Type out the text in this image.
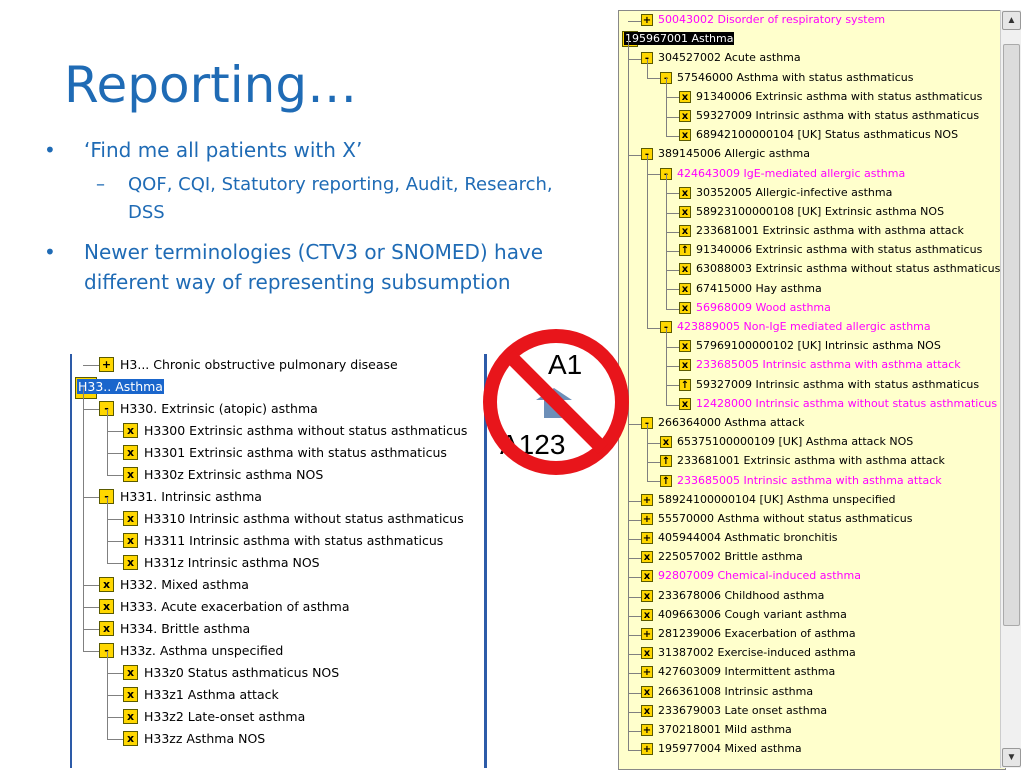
Reporting…
• ‘Find me all patients with X’
– QOF, CQI, Statutory reporting, Audit, Research, DSS
• Newer terminologies (CTV3 or SNOMED) have different way of representing subsumption
+ H3... Chronic obstructive pulmonary disease
H33.. Asthma
- H330. Extrinsic (atopic) asthma
x H3300 Extrinsic asthma without status asthmaticus
x H3301 Extrinsic asthma with status asthmaticus
x H330z Extrinsic asthma NOS
- H331. Intrinsic asthma
x H3310 Intrinsic asthma without status asthmaticus
x H3311 Intrinsic asthma with status asthmaticus
x H331z Intrinsic asthma NOS
x H332. Mixed asthma
x H333. Acute exacerbation of asthma
x H334. Brittle asthma
- H33z. Asthma unspecified
x H33z0 Status asthmaticus NOS
x H33z1 Asthma attack
x H33z2 Late-onset asthma
x H33zz Asthma NOS
+ 50043002 Disorder of respiratory system
195967001 Asthma
- 304527002 Acute asthma
- 57546000 Asthma with status asthmaticus
x 91340006 Extrinsic asthma with status asthmaticus
x 59327009 Intrinsic asthma with status asthmaticus
x 68942100000104 [UK] Status asthmaticus NOS
- 389145006 Allergic asthma
- 424643009 IgE-mediated allergic asthma
x 30352005 Allergic-infective asthma
x 58923100000108 [UK] Extrinsic asthma NOS
x 233681001 Extrinsic asthma with asthma attack
↑ 91340006 Extrinsic asthma with status asthmaticus
x 63088003 Extrinsic asthma without status asthmaticus
x 67415000 Hay asthma
x 56968009 Wood asthma
- 423889005 Non-IgE mediated allergic asthma
x 57969100000102 [UK] Intrinsic asthma NOS
x 233685005 Intrinsic asthma with asthma attack
↑ 59327009 Intrinsic asthma with status asthmaticus
x 12428000 Intrinsic asthma without status asthmaticus
- 266364000 Asthma attack
x 65375100000109 [UK] Asthma attack NOS
↑ 233681001 Extrinsic asthma with asthma attack
↑ 233685005 Intrinsic asthma with asthma attack
+ 58924100000104 [UK] Asthma unspecified
+ 55570000 Asthma without status asthmaticus
+ 405944004 Asthmatic bronchitis
x 225057002 Brittle asthma
x 92807009 Chemical-induced asthma
x 233678006 Childhood asthma
x 409663006 Cough variant asthma
+ 281239006 Exacerbation of asthma
x 31387002 Exercise-induced asthma
+ 427603009 Intermittent asthma
x 266361008 Intrinsic asthma
x 233679003 Late onset asthma
+ 370218001 Mild asthma
+ 195977004 Mixed asthma
▲
▼
A1
A123
